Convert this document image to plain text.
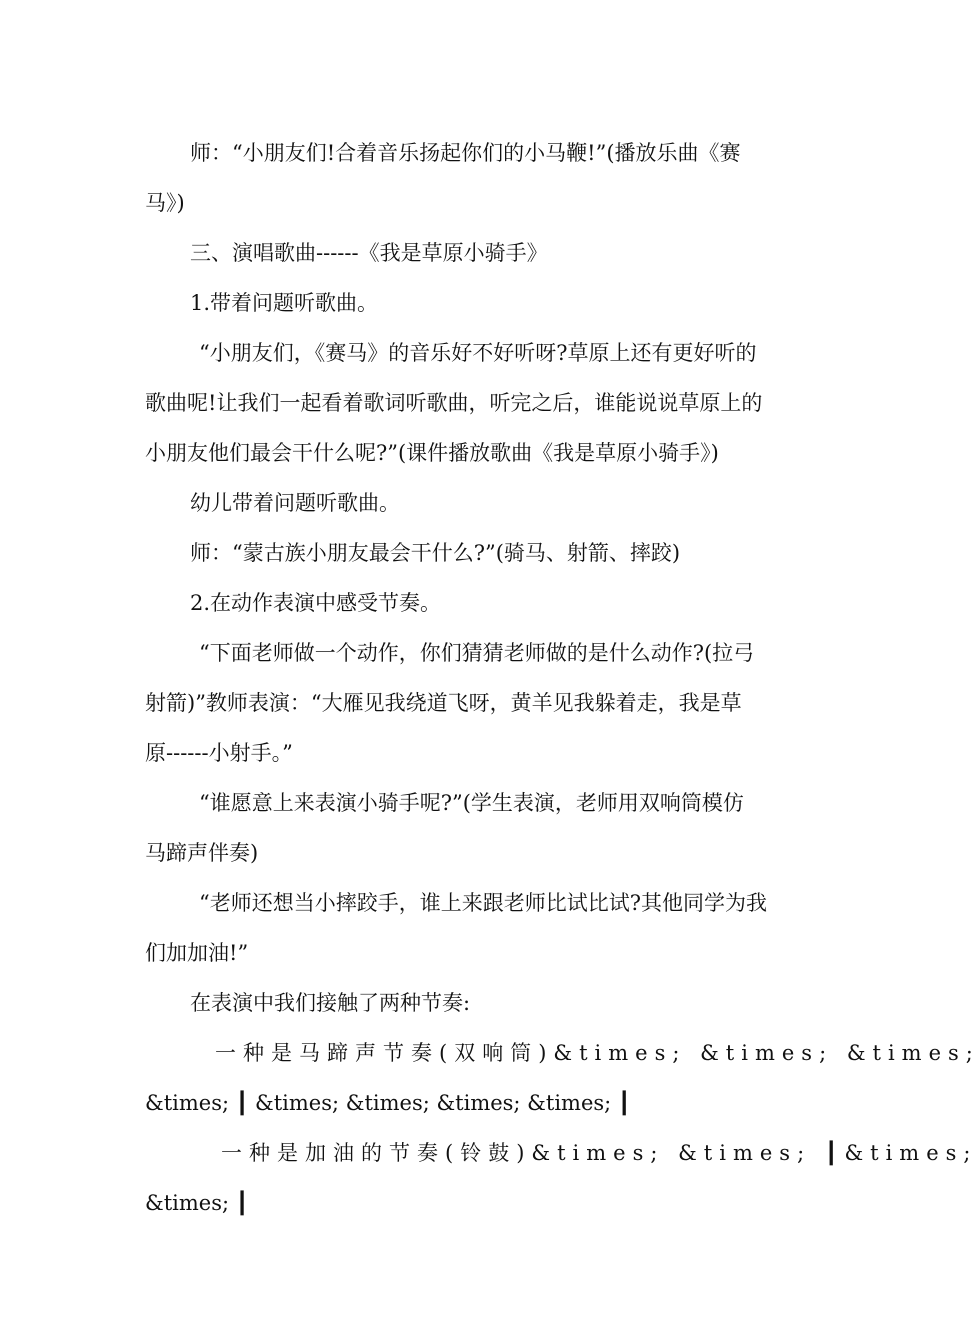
师：“小朋友们!合着音乐扬起你们的小马鞭!”(播放乐曲《赛
马》)
三、演唱歌曲------《我是草原小骑手》
1.带着问题听歌曲。
“小朋友们，《赛马》的音乐好不好听呀?草原上还有更好听的
歌曲呢!让我们一起看着歌词听歌曲，听完之后，谁能说说草原上的
小朋友他们最会干什么呢?”(课件播放歌曲《我是草原小骑手》)
幼儿带着问题听歌曲。
师：“蒙古族小朋友最会干什么?”(骑马、射箭、摔跤)
2.在动作表演中感受节奏。
“下面老师做一个动作，你们猜猜老师做的是什么动作?(拉弓
射箭)”教师表演：“大雁见我绕道飞呀，黄羊见我躲着走，我是草
原------小射手。”
“谁愿意上来表演小骑手呢?”(学生表演，老师用双响筒模仿
马蹄声伴奏)
“老师还想当小摔跤手，谁上来跟老师比试比试?其他同学为我
们加加油!”
在表演中我们接触了两种节奏:
一种是马蹄声节奏(双响筒)&times; &times; &times;
&times; ┃ &times; &times; &times; &times; ┃
一种是加油的节奏(铃鼓)&times; &times; ┃&times;
&times; ┃
